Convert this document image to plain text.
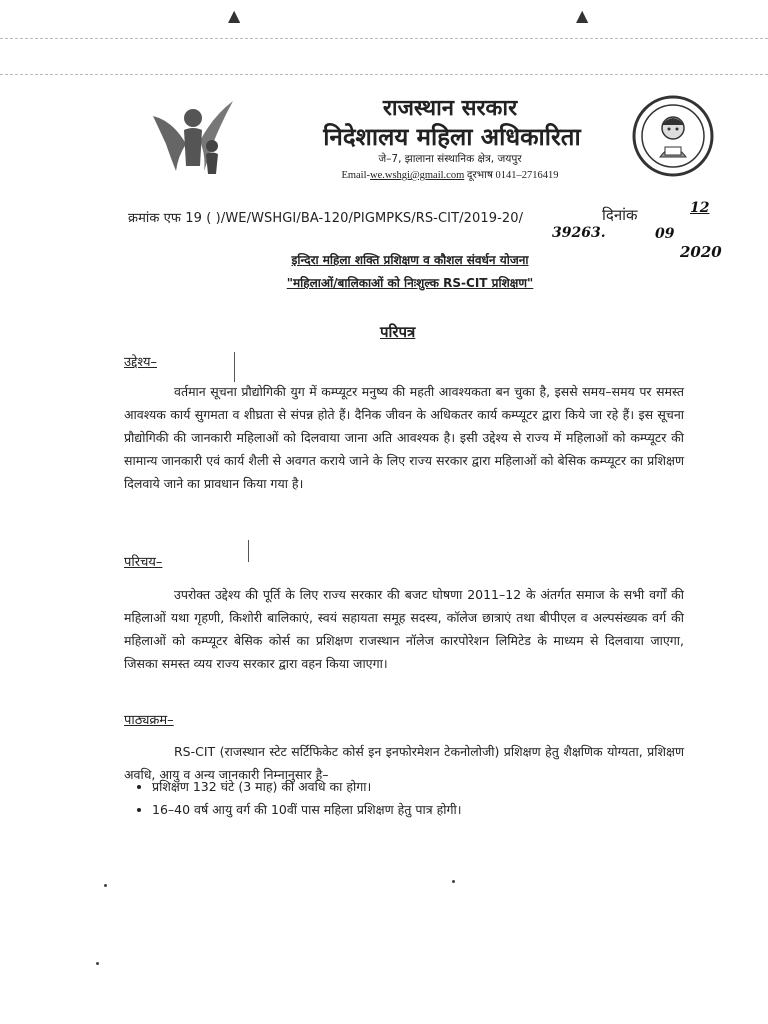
▲	▲
राजस्थान सरकार
निदेशालय महिला अधिकारिता
जे–7, झालाना संस्थानिक क्षेत्र, जयपुर
Email-we.wshgi@gmail.com दूरभाष 0141–2716419
क्रमांक एफ 19 ( )/WE/WSHGI/BA-120/PIGMPKS/RS-CIT/2019-20/	दिनांक
39263.
12
09
2020
इन्दिरा महिला शक्ति प्रशिक्षण व कौशल संवर्धन योजना
"महिलाओं/बालिकाओं को निःशुल्क RS-CIT प्रशिक्षण"
परिपत्र
उद्देश्य–
वर्तमान सूचना प्रौद्योगिकी युग में कम्प्यूटर मनुष्य की महती आवश्यकता बन चुका है, इससे समय–समय पर समस्त आवश्यक कार्य सुगमता व शीघ्रता से संपन्न होते हैं। दैनिक जीवन के अधिकतर कार्य कम्प्यूटर द्वारा किये जा रहे हैं। इस सूचना प्रौद्योगिकी की जानकारी महिलाओं को दिलवाया जाना अति आवश्यक है। इसी उद्देश्य से राज्य में महिलाओं को कम्प्यूटर की सामान्य जानकारी एवं कार्य शैली से अवगत कराये जाने के लिए राज्य सरकार द्वारा महिलाओं को बेसिक कम्प्यूटर का प्रशिक्षण दिलवाये जाने का प्रावधान किया गया है।
परिचय–
उपरोक्त उद्देश्य की पूर्ति के लिए राज्य सरकार की बजट घोषणा 2011–12 के अंतर्गत समाज के सभी वर्गों की महिलाओं यथा गृहणी, किशोरी बालिकाएं, स्वयं सहायता समूह सदस्य, कॉलेज छात्राएं तथा बीपीएल व अल्पसंख्यक वर्ग की महिलाओं को कम्प्यूटर बेसिक कोर्स का प्रशिक्षण राजस्थान नॉलेज कारपोरेशन लिमिटेड के माध्यम से दिलवाया जाएगा, जिसका समस्त व्यय राज्य सरकार द्वारा वहन किया जाएगा।
पाठ्यक्रम–
RS-CIT (राजस्थान स्टेट सर्टिफिकेट कोर्स इन इनफोरमेशन टेकनोलोजी) प्रशिक्षण हेतु शैक्षणिक योग्यता, प्रशिक्षण अवधि, आयु व अन्य जानकारी निम्नानुसार है–
• प्रशिक्षण 132 घंटे (3 माह) की अवधि का होगा।
• 16–40 वर्ष आयु वर्ग की 10वीं पास महिला प्रशिक्षण हेतु पात्र होगी।
